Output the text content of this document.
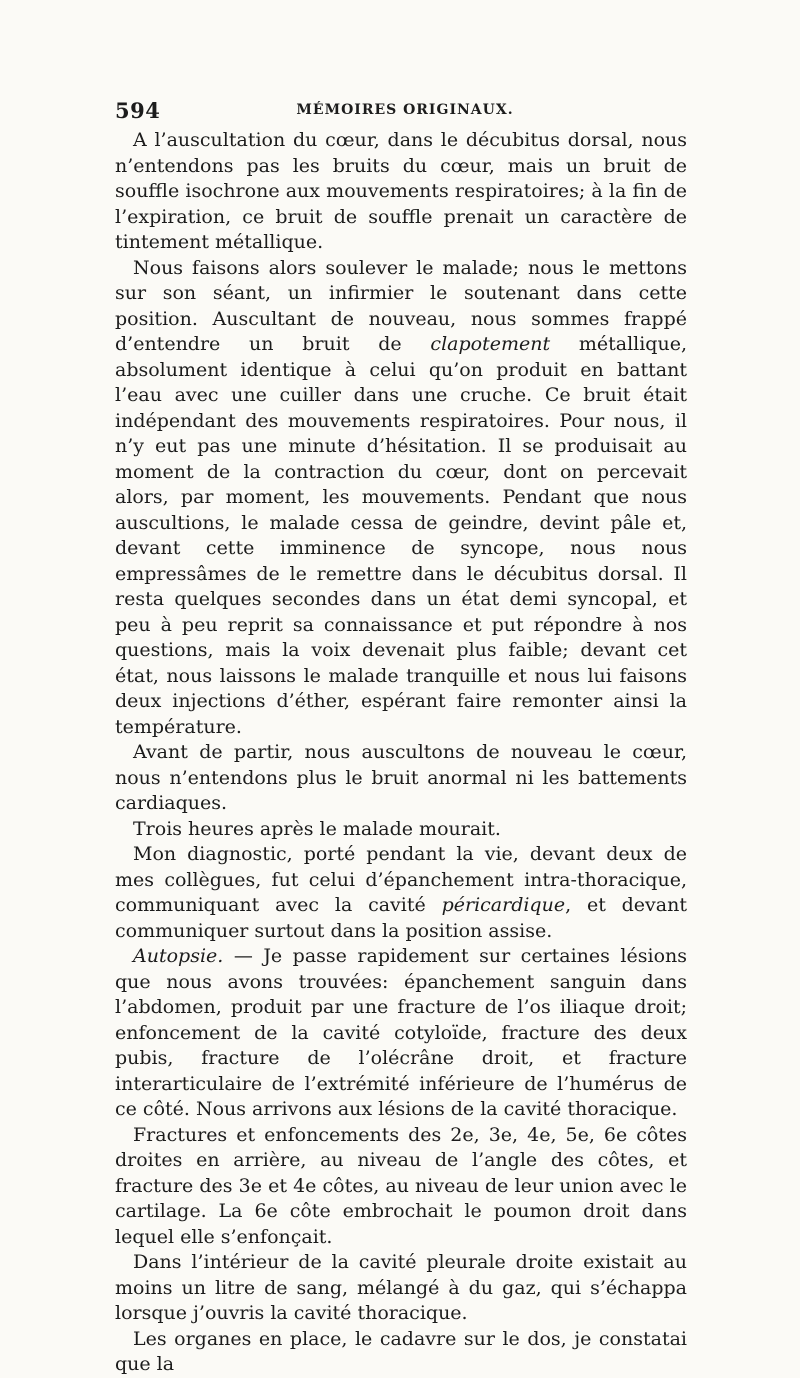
594	MÉMOIRES ORIGINAUX.

A l’auscultation du cœur, dans le décubitus dorsal, nous n’entendons pas les bruits du cœur, mais un bruit de souffle isochrone aux mouvements respiratoires; à la fin de l’expiration, ce bruit de souffle prenait un caractère de tintement métallique.

Nous faisons alors soulever le malade; nous le mettons sur son séant, un infirmier le soutenant dans cette position. Auscultant de nouveau, nous sommes frappé d’entendre un bruit de clapotement métallique, absolument identique à celui qu’on produit en battant l’eau avec une cuiller dans une cruche. Ce bruit était indépendant des mouvements respiratoires. Pour nous, il n’y eut pas une minute d’hésitation. Il se produisait au moment de la contraction du cœur, dont on percevait alors, par moment, les mouvements. Pendant que nous auscultions, le malade cessa de geindre, devint pâle et, devant cette imminence de syncope, nous nous empressâmes de le remettre dans le décubitus dorsal. Il resta quelques secondes dans un état demi syncopal, et peu à peu reprit sa connaissance et put répondre à nos questions, mais la voix devenait plus faible; devant cet état, nous laissons le malade tranquille et nous lui faisons deux injections d’éther, espérant faire remonter ainsi la température.

Avant de partir, nous auscultons de nouveau le cœur, nous n’entendons plus le bruit anormal ni les battements cardiaques.

Trois heures après le malade mourait.

Mon diagnostic, porté pendant la vie, devant deux de mes collègues, fut celui d’épanchement intra-thoracique, communiquant avec la cavité péricardique, et devant communiquer surtout dans la position assise.

Autopsie. — Je passe rapidement sur certaines lésions que nous avons trouvées: épanchement sanguin dans l’abdomen, produit par une fracture de l’os iliaque droit; enfoncement de la cavité cotyloïde, fracture des deux pubis, fracture de l’olécrâne droit, et fracture interarticulaire de l’extrémité inférieure de l’humérus de ce côté. Nous arrivons aux lésions de la cavité thoracique.

Fractures et enfoncements des 2e, 3e, 4e, 5e, 6e côtes droites en arrière, au niveau de l’angle des côtes, et fracture des 3e et 4e côtes, au niveau de leur union avec le cartilage. La 6e côte embrochait le poumon droit dans lequel elle s’enfonçait.

Dans l’intérieur de la cavité pleurale droite existait au moins un litre de sang, mélangé à du gaz, qui s’échappa lorsque j’ouvris la cavité thoracique.

Les organes en place, le cadavre sur le dos, je constatai que la
